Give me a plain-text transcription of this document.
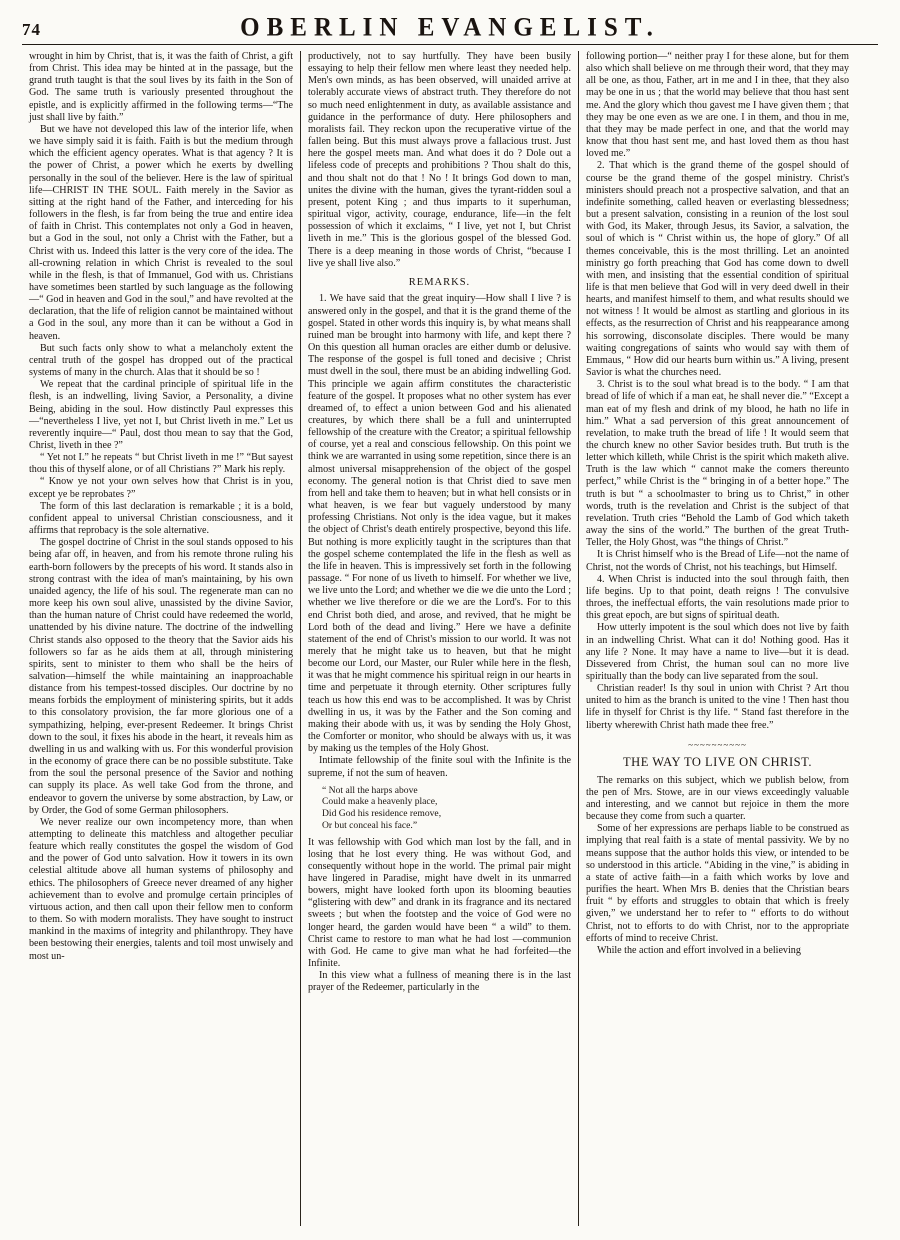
74	OBERLIN EVANGELIST.

wrought in him by Christ, that is, it was the faith of Christ, a gift from Christ. This idea may be hinted at in the passage, but the grand truth taught is that the soul lives by its faith in the Son of God. The same truth is variously presented throughout the epistle, and is explicitly affirmed in the following terms—“The just shall live by faith.”

But we have not developed this law of the interior life, when we have simply said it is faith. Faith is but the medium through which the efficient agency operates. What is that agency ? It is the power of Christ, a power which he exerts by dwelling personally in the soul of the believer. Here is the law of spiritual life—CHRIST IN THE SOUL. Faith merely in the Savior as sitting at the right hand of the Father, and interceding for his followers in the flesh, is far from being the true and entire idea of faith in Christ. This contemplates not only a God in heaven, but a God in the soul, not only a Christ with the Father, but a Christ with us. Indeed this latter is the very core of the idea. The all-crowning relation in which Christ is revealed to the soul while in the flesh, is that of Immanuel, God with us. Christians have sometimes been startled by such language as the following—“ God in heaven and God in the soul,” and have revolted at the declaration, that the life of religion cannot be maintained without a God in the soul, any more than it can be without a God in heaven.

But such facts only show to what a melancholy extent the central truth of the gospel has dropped out of the practical systems of many in the church. Alas that it should be so !

We repeat that the cardinal principle of spiritual life in the flesh, is an indwelling, living Savior, a Personality, a divine Being, abiding in the soul. How distinctly Paul expresses this—“nevertheless I live, yet not I, but Christ liveth in me.” Let us reverently inquire—“ Paul, dost thou mean to say that the God, Christ, liveth in thee ?”

“ Yet not I.” he repeats “ but Christ liveth in me !” “But sayest thou this of thyself alone, or of all Christians ?” Mark his reply.

“ Know ye not your own selves how that Christ is in you, except ye be reprobates ?”

The form of this last declaration is remarkable ; it is a bold, confident appeal to universal Christian consciousness, and it affirms that reprobacy is the sole alternative.

The gospel doctrine of Christ in the soul stands opposed to his being afar off, in heaven, and from his remote throne ruling his earth-born followers by the precepts of his word. It stands also in strong contrast with the idea of man's maintaining, by his own unaided agency, the life of his soul. The regenerate man can no more keep his own soul alive, unassisted by the divine Savior, than the human nature of Christ could have redeemed the world, unattended by his divine nature. The doctrine of the indwelling Christ stands also opposed to the theory that the Savior aids his followers so far as he aids them at all, through ministering spirits, sent to minister to them who shall be the heirs of salvation—himself the while maintaining an inapproachable distance from his tempest-tossed disciples. Our doctrine by no means forbids the employment of ministering spirits, but it adds to this consolatory provision, the far more glorious one of a sympathizing, helping, ever-present Redeemer. It brings Christ down to the soul, it fixes his abode in the heart, it reveals him as dwelling in us and walking with us. For this wonderful provision in the economy of grace there can be no possible substitute. Take from the soul the personal presence of the Savior and nothing can supply its place. As well take God from the throne, and endeavor to govern the universe by some abstraction, by Law, or by Order, the God of some German philosophers.

We never realize our own incompetency more, than when attempting to delineate this matchless and altogether peculiar feature which really constitutes the gospel the wisdom of God and the power of God unto salvation. How it towers in its own celestial altitude above all human systems of philosophy and ethics. The philosophers of Greece never dreamed of any higher achievement than to evolve and promulge certain principles of virtuous action, and then call upon their fellow men to conform to them. So with modern moralists. They have sought to instruct mankind in the maxims of integrity and philanthropy. They have been bestowing their energies, talents and toil most unwisely and most un-

productively, not to say hurtfully. They have been busily essaying to help their fellow men where least they needed help. Men's own minds, as has been observed, will unaided arrive at tolerably accurate views of abstract truth. They therefore do not so much need enlightenment in duty, as available assistance and guidance in the performance of duty. Here philosophers and moralists fail. They reckon upon the recuperative virtue of the fallen being. But this must always prove a fallacious trust. Just here the gospel meets man. And what does it do ? Dole out a lifeless code of precepts and prohibitions ? Thou shalt do this, and thou shalt not do that ! No ! It brings God down to man, unites the divine with the human, gives the tyrant-ridden soul a present, potent King ; and thus imparts to it superhuman, spiritual vigor, activity, courage, endurance, life—in the felt possession of which it exclaims, “ I live, yet not I, but Christ liveth in me.” This is the glorious gospel of the blessed God. There is a deep meaning in those words of Christ, “because I live ye shall live also.”

REMARKS.

1. We have said that the great inquiry—How shall I live ? is answered only in the gospel, and that it is the grand theme of the gospel. Stated in other words this inquiry is, by what means shall ruined man be brought into harmony with life, and kept there ? On this question all human oracles are either dumb or delusive. The response of the gospel is full toned and decisive ; Christ must dwell in the soul, there must be an abiding indwelling God. This principle we again affirm constitutes the characteristic feature of the gospel. It proposes what no other system has ever dreamed of, to effect a union between God and his alienated creatures, by which there shall be a full and uninterrupted fellowship of the creature with the Creator; a spiritual fellowship of course, yet a real and conscious fellowship. On this point we think we are warranted in using some repetition, since there is an almost universal misapprehension of the object of the gospel economy. The general notion is that Christ died to save men from hell and take them to heaven; but in what hell consists or in what heaven, is we fear but vaguely understood by many professing Christians. Not only is the idea vague, but it makes the object of Christ's death entirely prospective, beyond this life. But nothing is more explicitly taught in the scriptures than that the gospel scheme contemplated the life in the flesh as well as the life in heaven. This is impressively set forth in the following passage. “ For none of us liveth to himself. For whether we live, we live unto the Lord; and whether we die we die unto the Lord ; whether we live therefore or die we are the Lord's. For to this end Christ both died, and arose, and revived, that he might be Lord both of the dead and living.” Here we have a definite statement of the end of Christ's mission to our world. It was not merely that he might take us to heaven, but that he might become our Lord, our Master, our Ruler while here in the flesh, it was that he might commence his spiritual reign in our hearts in time and perpetuate it through eternity. Other scriptures fully teach us how this end was to be accomplished. It was by Christ dwelling in us, it was by the Father and the Son coming and making their abode with us, it was by sending the Holy Ghost, the Comforter or monitor, who should be always with us, it was by making us the temples of the Holy Ghost.

Intimate fellowship of the finite soul with the Infinite is the supreme, if not the sum of heaven.

“ Not all the harps above
Could make a heavenly place,
Did God his residence remove,
Or but conceal his face.”

It was fellowship with God which man lost by the fall, and in losing that he lost every thing. He was without God, and consequently without hope in the world. The primal pair might have lingered in Paradise, might have dwelt in its unmarred bowers, might have looked forth upon its blooming beauties “glistering with dew” and drank in its fragrance and its nectared sweets ; but when the footstep and the voice of God were no longer heard, the garden would have been “ a wild” to them. Christ came to restore to man what he had lost —communion with God. He came to give man what he had forfeited—the Infinite.

In this view what a fullness of meaning there is in the last prayer of the Redeemer, particularly in the

following portion—“ neither pray I for these alone, but for them also which shall believe on me through their word, that they may all be one, as thou, Father, art in me and I in thee, that they also may be one in us ; that the world may believe that thou hast sent me. And the glory which thou gavest me I have given them ; that they may be one even as we are one. I in them, and thou in me, that they may be made perfect in one, and that the world may know that thou hast sent me, and hast loved them as thou hast loved me.”

2. That which is the grand theme of the gospel should of course be the grand theme of the gospel ministry. Christ's ministers should preach not a prospective salvation, and that an indefinite something, called heaven or everlasting blessedness; but a present salvation, consisting in a reunion of the lost soul with God, its Maker, through Jesus, its Savior, a salvation, the soul of which is “ Christ within us, the hope of glory.” Of all themes conceivable, this is the most thrilling. Let an anointed ministry go forth preaching that God has come down to dwell with men, and insisting that the essential condition of spiritual life is that men believe that God will in very deed dwell in their hearts, and manifest himself to them, and what results should we not witness ! It would be almost as startling and glorious in its effects, as the resurrection of Christ and his reappearance among his sorrowing, disconsolate disciples. There would be many waiting congregations of saints who would say with them of Emmaus, “ How did our hearts burn within us.” A living, present Savior is what the churches need.

3. Christ is to the soul what bread is to the body. “ I am that bread of life of which if a man eat, he shall never die.” “Except a man eat of my flesh and drink of my blood, he hath no life in him.” What a sad perversion of this great announcement of revelation, to make truth the bread of life ! It would seem that the church knew no other Savior besides truth. But truth is the letter which killeth, while Christ is the spirit which maketh alive. Truth is the law which “ cannot make the comers thereunto perfect,” while Christ is the “ bringing in of a better hope.” The truth is but “ a schoolmaster to bring us to Christ,” in other words, truth is the revelation and Christ is the subject of that revelation. Truth cries “Behold the Lamb of God which taketh away the sins of the world.” The burthen of the great Truth-Teller, the Holy Ghost, was “the things of Christ.”

It is Christ himself who is the Bread of Life—not the name of Christ, not the words of Christ, not his teachings, but Himself.

4. When Christ is inducted into the soul through faith, then life begins. Up to that point, death reigns ! The convulsive throes, the ineffectual efforts, the vain resolutions made prior to this great epoch, are but signs of spiritual death.

How utterly impotent is the soul which does not live by faith in an indwelling Christ. What can it do! Nothing good. Has it any life ? None. It may have a name to live—but it is dead. Dissevered from Christ, the human soul can no more live spiritually than the body can live separated from the soul.

Christian reader! Is thy soul in union with Christ ? Art thou united to him as the branch is united to the vine ! Then hast thou life in thyself for Christ is thy life. “ Stand fast therefore in the liberty wherewith Christ hath made thee free.”

~~~~~~~~~~

THE WAY TO LIVE ON CHRIST.

The remarks on this subject, which we publish below, from the pen of Mrs. Stowe, are in our views exceedingly valuable and interesting, and we cannot but rejoice in them the more because they come from such a quarter.

Some of her expressions are perhaps liable to be construed as implying that real faith is a state of mental passivity. We by no means suppose that the author holds this view, or intended to be so understood in this article. “Abiding in the vine,” is abiding in a state of active faith—in a faith which works by love and purifies the heart. When Mrs B. denies that the Christian bears fruit “ by efforts and struggles to obtain that which is freely given,” we understand her to refer to “ efforts to do without Christ, not to efforts to do with Christ, nor to the appropriate efforts of mind to receive Christ.

While the action and effort involved in a believing
